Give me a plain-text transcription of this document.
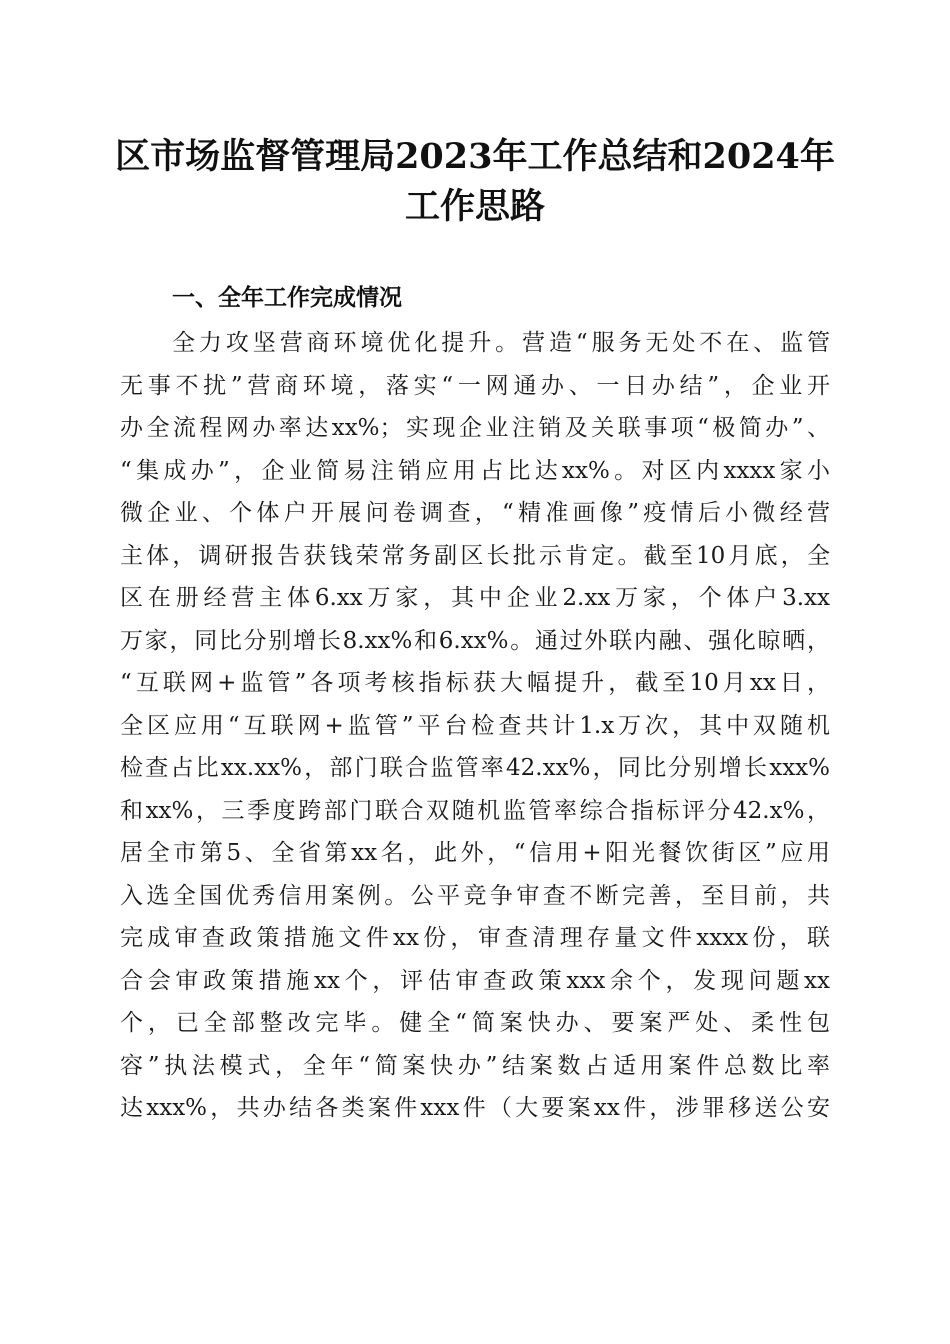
区市场监督管理局2023年工作总结和2024年
工作思路
一、全年工作完成情况
全力攻坚营商环境优化提升。营造“服务无处不在、监管
无事不扰”营商环境，落实“一网通办、一日办结”，企业开
办全流程网办率达xx%；实现企业注销及关联事项“极简办”、
“集成办”，企业简易注销应用占比达xx%。对区内xxxx家小
微企业、个体户开展问卷调查，“精准画像”疫情后小微经营
主体，调研报告获钱荣常务副区长批示肯定。截至10月底，全
区在册经营主体6.xx万家，其中企业2.xx万家，个体户3.xx
万家，同比分别增长8.xx%和6.xx%。通过外联内融、强化晾晒，
“互联网+监管”各项考核指标获大幅提升，截至10月xx日，
全区应用“互联网+监管”平台检查共计1.x万次，其中双随机
检查占比xx.xx%，部门联合监管率42.xx%，同比分别增长xxx%
和xx%，三季度跨部门联合双随机监管率综合指标评分42.x%，
居全市第5、全省第xx名，此外，“信用+阳光餐饮街区”应用
入选全国优秀信用案例。公平竞争审查不断完善，至目前，共
完成审查政策措施文件xx份，审查清理存量文件xxxx份，联
合会审政策措施xx个，评估审查政策xxx余个，发现问题xx
个，已全部整改完毕。健全“简案快办、要案严处、柔性包
容”执法模式，全年“简案快办”结案数占适用案件总数比率
达xxx%，共办结各类案件xxx件（大要案xx件，涉罪移送公安
